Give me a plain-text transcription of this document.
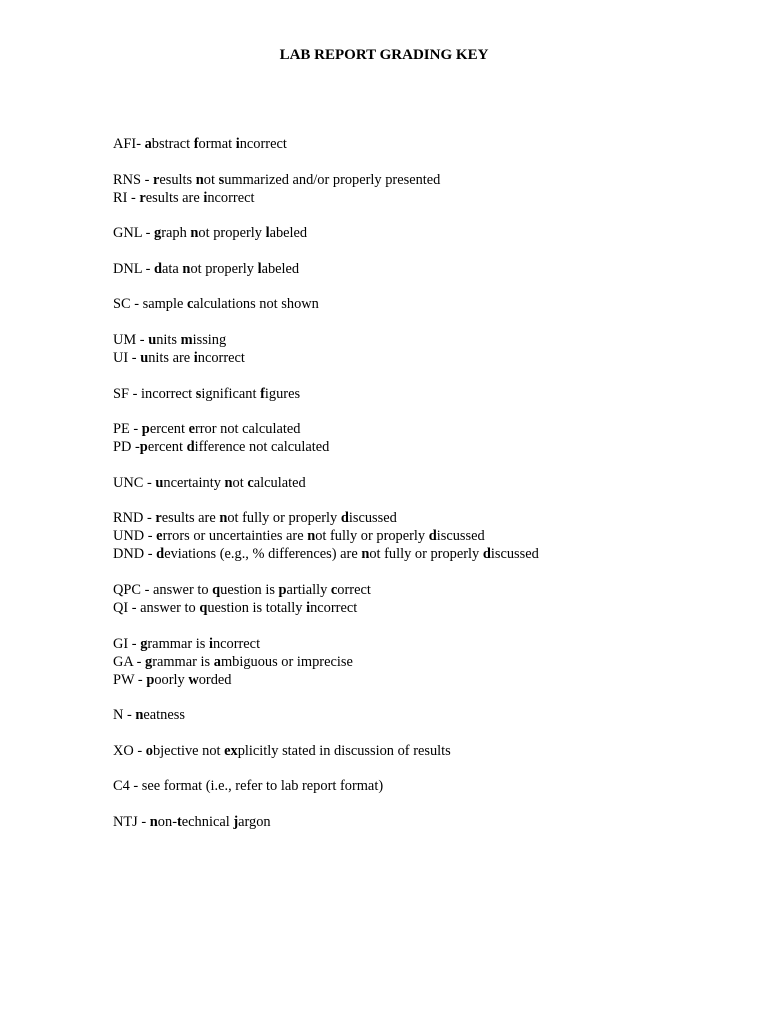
LAB REPORT GRADING KEY
AFI- abstract format incorrect
RNS - results not summarized and/or properly presented
RI - results are incorrect
GNL - graph not properly labeled
DNL - data not properly labeled
SC - sample calculations not shown
UM - units missing
UI - units are incorrect
SF - incorrect significant figures
PE - percent error not calculated
PD -percent difference not calculated
UNC - uncertainty not calculated
RND - results are not fully or properly discussed
UND - errors or uncertainties are not fully or properly discussed
DND - deviations (e.g., % differences) are not fully or properly discussed
QPC - answer to question is partially correct
QI - answer to question is totally incorrect
GI - grammar is incorrect
GA - grammar is ambiguous or imprecise
PW - poorly worded
N - neatness
XO - objective not explicitly stated in discussion of results
C4 - see format (i.e., refer to lab report format)
NTJ - non-technical jargon
